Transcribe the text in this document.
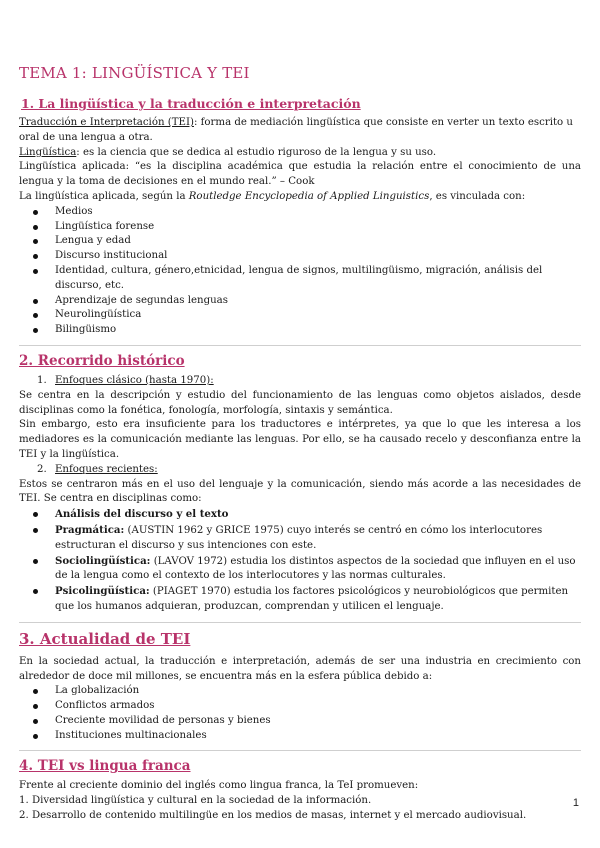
TEMA 1: LINGÜÍSTICA Y TEI
1. La lingüística y la traducción e interpretación

Traducción e Interpretación (TEI): forma de mediación lingüística que consiste en verter un texto escrito u oral de una lengua a otra.

Lingüística: es la ciencia que se dedica al estudio riguroso de la lengua y su uso.

Lingüística aplicada: “es la disciplina académica que estudia la relación entre el conocimiento de una lengua y la toma de decisiones en el mundo real.” – Cook

La lingüística aplicada, según la Routledge Encyclopedia of Applied Linguistics, es vinculada con:

Medios
Lingüística forense
Lengua y edad
Discurso institucional
Identidad, cultura, género,etnicidad, lengua de signos, multilingüismo, migración, análisis del discurso, etc.
Aprendizaje de segundas lenguas
Neurolingüística
Bilingüismo
2. Recorrido histórico
1. Enfoques clásico (hasta 1970):

Se centra en la descripción y estudio del funcionamiento de las lenguas como objetos aislados, desde disciplinas como la fonética, fonología, morfología, sintaxis y semántica.

Sin embargo, esto era insuficiente para los traductores e intérpretes, ya que lo que les interesa a los mediadores es la comunicación mediante las lenguas. Por ello, se ha causado recelo y desconfianza entre la TEI y la lingüística.

2. Enfoques recientes:

Estos se centraron más en el uso del lenguaje y la comunicación, siendo más acorde a las necesidades de TEI. Se centra en disciplinas como:

Análisis del discurso y el texto
Pragmática: (AUSTIN 1962 y GRICE 1975) cuyo interés se centró en cómo los interlocutores estructuran el discurso y sus intenciones con este.
Sociolingüística: (LAVOV 1972) estudia los distintos aspectos de la sociedad que influyen en el uso de la lengua como el contexto de los interlocutores y las normas culturales.
Psicolingüística: (PIAGET 1970) estudia los factores psicológicos y neurobiológicos que permiten que los humanos adquieran, produzcan, comprendan y utilicen el lenguaje.
3. Actualidad de TEI

En la sociedad actual, la traducción e interpretación, además de ser una industria en crecimiento con alrededor de doce mil millones, se encuentra más en la esfera pública debido a:

La globalización
Conflictos armados
Creciente movilidad de personas y bienes
Instituciones multinacionales
4. TEI vs lingua franca

Frente al creciente dominio del inglés como lingua franca, la TeI promueven:

1. Diversidad lingüística y cultural en la sociedad de la información.

2. Desarrollo de contenido multilingüe en los medios de masas, internet y el mercado audiovisual.

1
